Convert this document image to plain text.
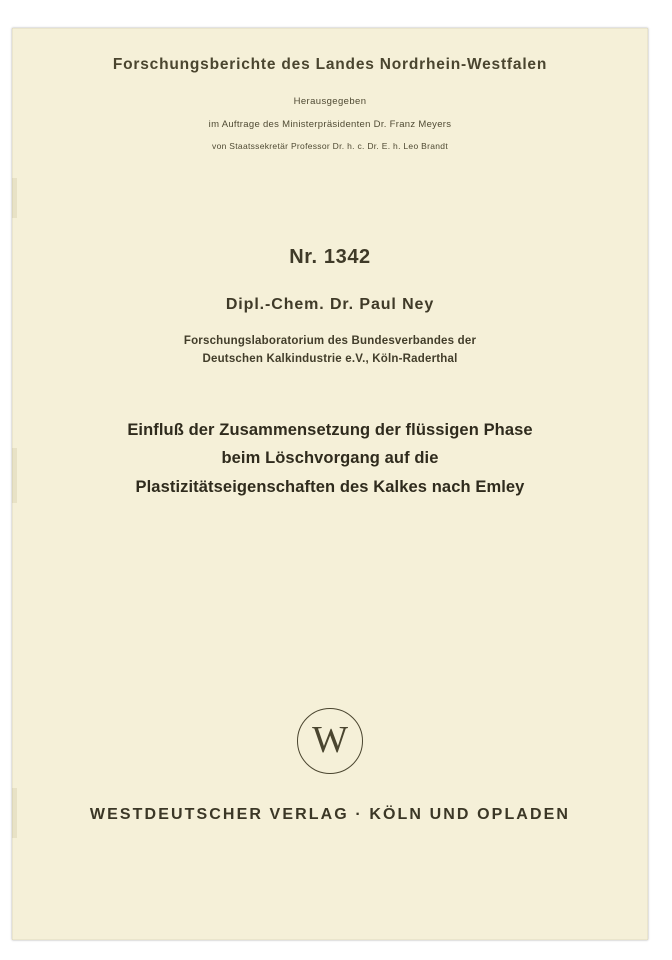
Forschungsberichte des Landes Nordrhein-Westfalen
Herausgegeben
im Auftrage des Ministerpräsidenten Dr. Franz Meyers
von Staatssekretär Professor Dr. h. c. Dr. E. h. Leo Brandt
Nr. 1342
Dipl.-Chem. Dr. Paul Ney
Forschungslaboratorium des Bundesverbandes der
Deutschen Kalkindustrie e.V., Köln-Raderthal
Einfluß der Zusammensetzung der flüssigen Phase
beim Löschvorgang auf die
Plastizitätseigenschaften des Kalkes nach Emley
W
WESTDEUTSCHER VERLAG · KÖLN UND OPLADEN
